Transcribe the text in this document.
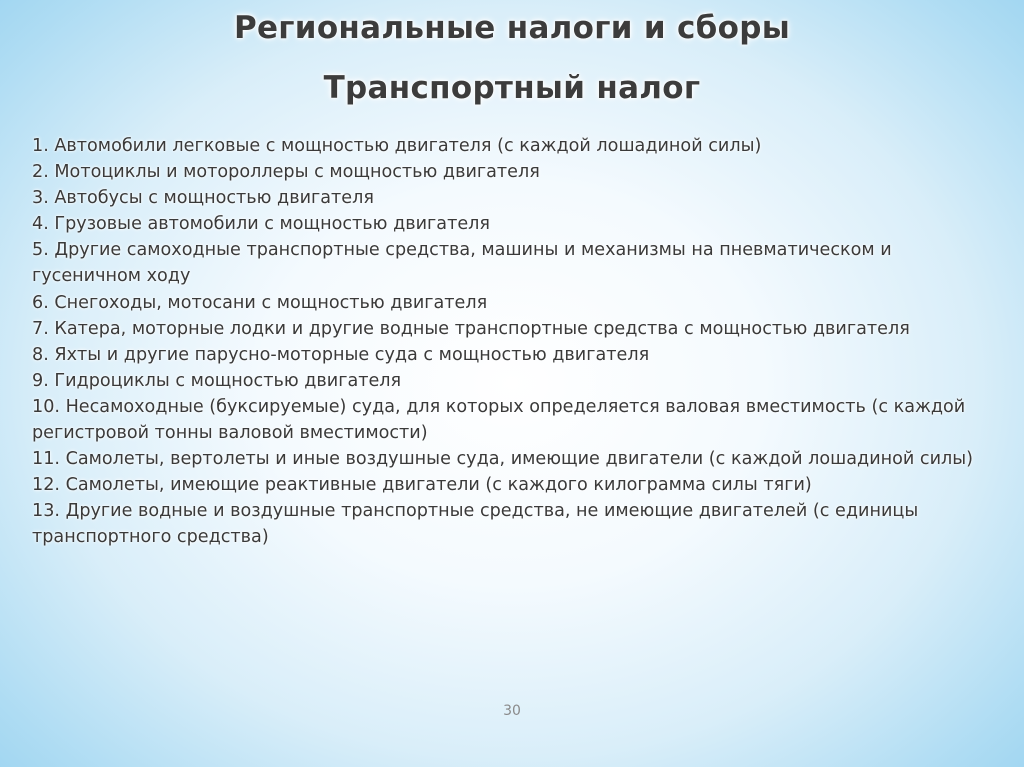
Региональные налоги и сборы
Транспортный налог

1. Автомобили легковые с мощностью двигателя (с каждой лошадиной силы)

2. Мотоциклы и мотороллеры с мощностью двигателя

3. Автобусы с мощностью двигателя

4. Грузовые автомобили с мощностью двигателя

5. Другие самоходные транспортные средства, машины и механизмы на пневматическом и гусеничном ходу

6. Снегоходы, мотосани с мощностью двигателя

7. Катера, моторные лодки и другие водные транспортные средства с мощностью двигателя

8. Яхты и другие парусно-моторные суда с мощностью двигателя

9. Гидроциклы с мощностью двигателя

10. Несамоходные (буксируемые) суда, для которых определяется валовая вместимость (с каждой регистровой тонны валовой вместимости)

11. Самолеты, вертолеты и иные воздушные суда, имеющие двигатели (с каждой лошадиной силы)

12. Самолеты, имеющие реактивные двигатели (с каждого килограмма силы тяги)

13. Другие водные и воздушные транспортные средства, не имеющие двигателей (с единицы транспортного средства)

30
